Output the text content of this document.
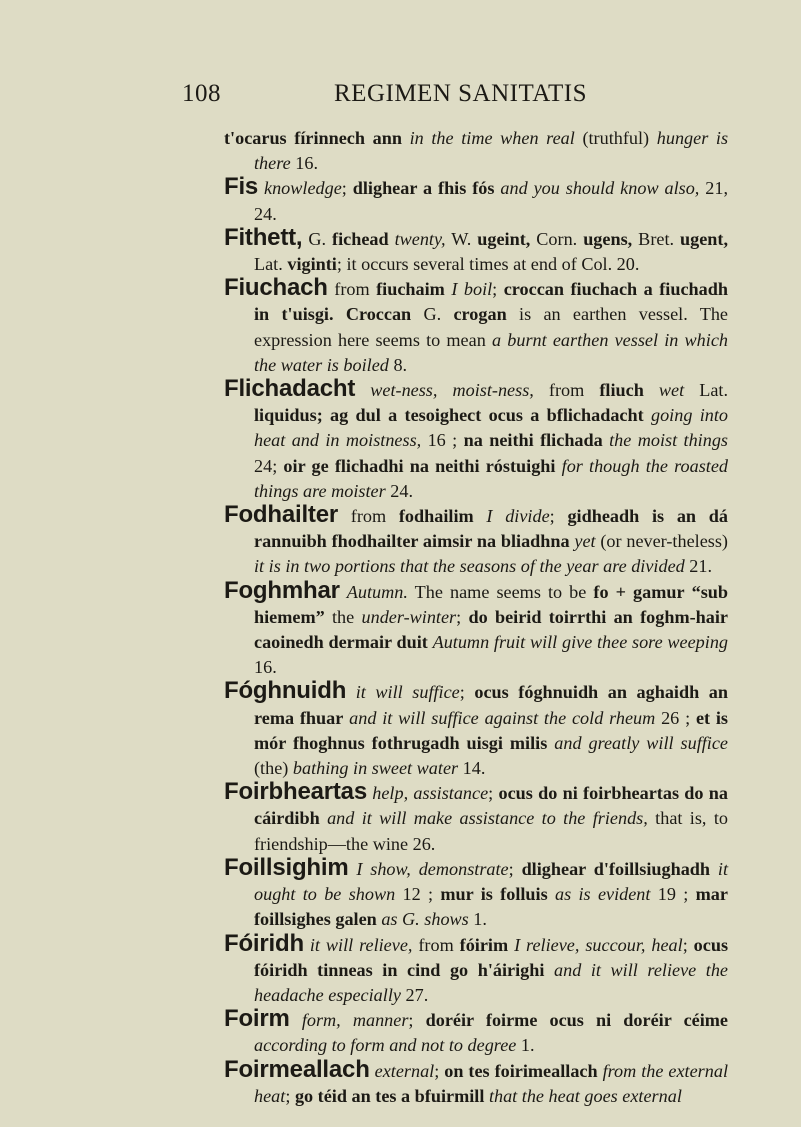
108	REGIMEN SANITATIS

t'ocarus fírinnech ann in the time when real (truthful) hunger is there 16.

Fis knowledge; dlighear a fhis fós and you should know also, 21, 24.

Fithett, G. fichead twenty, W. ugeint, Corn. ugens, Bret. ugent, Lat. viginti; it occurs several times at end of Col. 20.

Fiuchach from fiuchaim I boil; croccan fiuchach a fiuchadh in t'uisgi. Croccan G. crogan is an earthen vessel. The expression here seems to mean a burnt earthen vessel in which the water is boiled 8.

Flichadacht wet-ness, moist-ness, from fliuch wet Lat. liquidus; ag dul a tesoighect ocus a bflichadacht going into heat and in moistness, 16 ; na neithi flichada the moist things 24; oir ge flichadhi na neithi róstuighi for though the roasted things are moister 24.

Fodhailter from fodhailim I divide; gidheadh is an dá rannuibh fhodhailter aimsir na bliadhna yet (or never-theless) it is in two portions that the seasons of the year are divided 21.

Foghmhar Autumn. The name seems to be fo + gamur “sub hiemem” the under-winter; do beirid toirrthi an foghm-hair caoinedh dermair duit Autumn fruit will give thee sore weeping 16.

Fóghnuidh it will suffice; ocus fóghnuidh an aghaidh an rema fhuar and it will suffice against the cold rheum 26 ; et is mór fhoghnus fothrugadh uisgi milis and greatly will suffice (the) bathing in sweet water 14.

Foirbheartas help, assistance; ocus do ni foirbheartas do na cáirdibh and it will make assistance to the friends, that is, to friendship—the wine 26.

Foillsighim I show, demonstrate; dlighear d'foillsiughadh it ought to be shown 12 ; mur is folluis as is evident 19 ; mar foillsighes galen as G. shows 1.

Fóiridh it will relieve, from fóirim I relieve, succour, heal; ocus fóiridh tinneas in cind go h'áirighi and it will relieve the headache especially 27.

Foirm form, manner; doréir foirme ocus ni doréir céime according to form and not to degree 1.

Foirmeallach external; on tes foirimeallach from the external heat; go téid an tes a bfuirmill that the heat goes external
